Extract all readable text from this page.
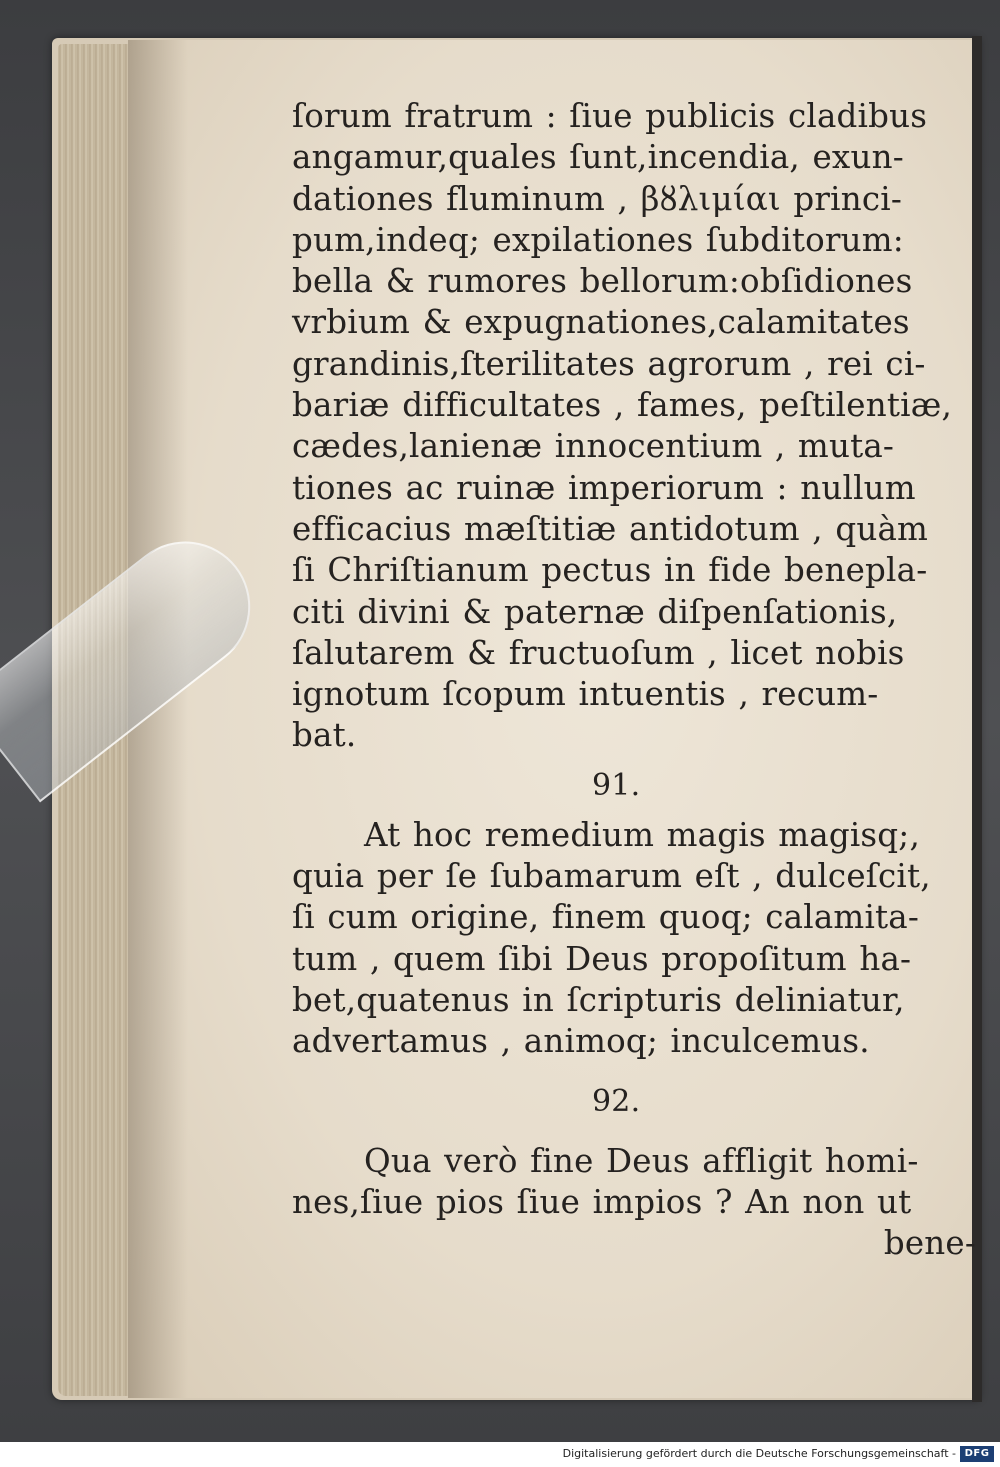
ſorum fratrum : ſiue publicis cladibus
angamur,quales ſunt,incendia, exun-
dationes fluminum , βȣλιμίαι princi-
pum,indeq; expilationes ſubditorum:
bella & rumores bellorum:obſidiones
vrbium & expugnationes,calamitates
grandinis,ſterilitates agrorum , rei ci-
bariæ difficultates , fames, peſtilentiæ,
cædes,lanienæ innocentium , muta-
tiones ac ruinæ imperiorum : nullum
efficacius mæſtitiæ antidotum , quàm
ſi Chriſtianum pectus in fide benepla-
citi divini & paternæ diſpenſationis,
ſalutarem & fructuoſum , licet nobis
ignotum ſcopum intuentis , recum-
bat.
91.
At hoc remedium magis magisq;,
quia per ſe ſubamarum eſt , dulceſcit,
ſi cum origine, finem quoq; calamita-
tum , quem ſibi Deus propoſitum ha-
bet,quatenus in ſcripturis deliniatur,
advertamus , animoq; inculcemus.
92.
Qua verò fine Deus affligit homi-
nes,ſiue pios ſiue impios ? An non ut
bene-
Digitalisierung gefördert durch die Deutsche Forschungsgemeinschaft - DFG
